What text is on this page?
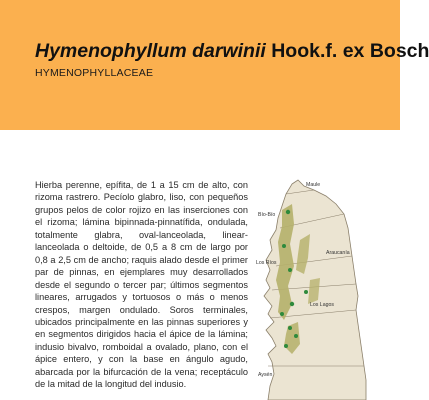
Hymenophyllum darwinii Hook.f. ex Bosch
HYMENOPHYLLACEAE

Hierba perenne, epífita, de 1 a 15 cm de alto, con rizoma rastrero. Pecíolo glabro, liso, con pequeños grupos pelos de color rojizo en las inserciones con el rizoma; lámina bipinnada-pinnatífida, ondulada, totalmente glabra, oval-lanceolada, linear-lanceolada o deltoide, de 0,5 a 8 cm de largo por 0,8 a 2,5 cm de ancho; raquis alado desde el primer par de pinnas, en ejemplares muy desarrollados desde el segundo o tercer par; últimos segmentos lineares, arrugados y tortuosos o más o menos crespos, margen ondulado. Soros terminales, ubicados principalmente en las pinnas superiores y en segmentos dirigidos hacia el ápice de la lámina; indusio bivalvo, romboidal a ovalado, plano, con el ápice entero, y con la base en ángulo agudo, abarcada por la bifurcación de la vena; receptáculo de la mitad de la longitud del indusio.

Maule
Bío-Bío
Araucanía
Los Ríos
Los Lagos
Aysén
